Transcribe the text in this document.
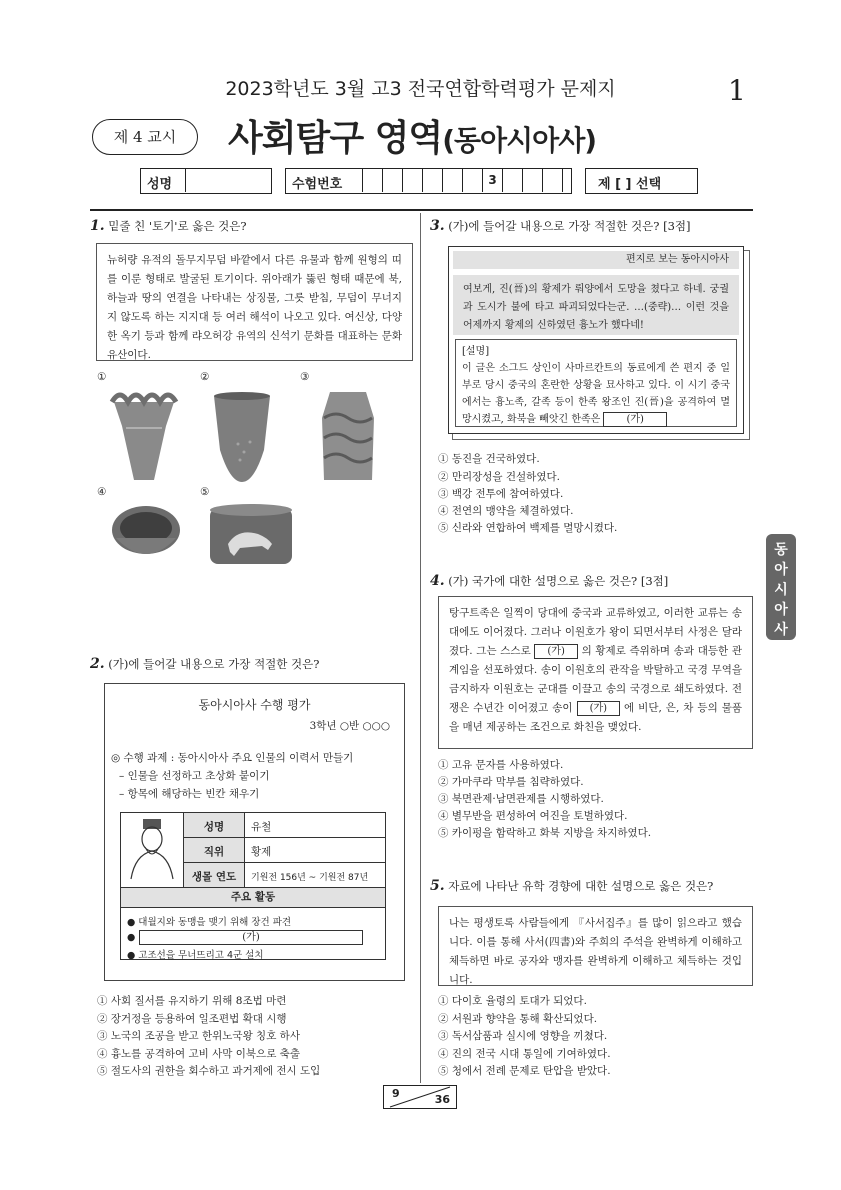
2023학년도 3월 고3 전국연합학력평가 문제지	1
제 4 교시	사회탐구 영역(동아시아사)
성명	수험번호	3	제 [ ] 선택
동
아
시
아
사
1. 밑줄 친 '토기'로 옳은 것은?
뉴허량 유적의 돌무지무덤 바깥에서 다른 유물과 함께 원형의 띠를 이룬 형태로 발굴된 토기이다. 위아래가 뚫린 형태 때문에 북, 하늘과 땅의 연결을 나타내는 상징물, 그릇 받침, 무덤이 무너지지 않도록 하는 지지대 등 여러 해석이 나오고 있다. 여신상, 다양한 옥기 등과 함께 랴오허강 유역의 신석기 문화를 대표하는 문화유산이다.
①	②	③
④	⑤
2. (가)에 들어갈 내용으로 가장 적절한 것은?
동아시아사 수행 평가
3학년 ○반 ○○○
◎ 수행 과제 : 동아시아사 주요 인물의 이력서 만들기
– 인물을 선정하고 초상화 붙이기
– 항목에 해당하는 빈칸 채우기
성명	유철
직위	황제
생몰 연도	기원전 156년 ~ 기원전 87년
주요 활동
● 대월지와 동맹을 맺기 위해 장건 파견
●	(가)
● 고조선을 무너뜨리고 4군 설치
① 사회 질서를 유지하기 위해 8조법 마련
② 장거정을 등용하여 일조편법 확대 시행
③ 노국의 조공을 받고 한위노국왕 칭호 하사
④ 흉노를 공격하여 고비 사막 이북으로 축출
⑤ 절도사의 권한을 회수하고 과거제에 전시 도입
3. (가)에 들어갈 내용으로 가장 적절한 것은? [3점]
편지로 보는 동아시아사
여보게, 진(晉)의 황제가 뤄양에서 도망을 쳤다고 하네. 궁궐과 도시가 불에 타고 파괴되었다는군. …(중략)… 이런 것을 어제까지 황제의 신하였던 흉노가 했다네!
[설명]
이 글은 소그드 상인이 사마르칸트의 동료에게 쓴 편지 중 일부로 당시 중국의 혼란한 상황을 묘사하고 있다. 이 시기 중국에서는 흉노족, 갈족 등이 한족 왕조인 진(晉)을 공격하여 멸망시켰고, 화북을 빼앗긴 한족은	(가)
① 동진을 건국하였다.
② 만리장성을 건설하였다.
③ 백강 전투에 참여하였다.
④ 전연의 맹약을 체결하였다.
⑤ 신라와 연합하여 백제를 멸망시켰다.
4. (가) 국가에 대한 설명으로 옳은 것은? [3점]
탕구트족은 일찍이 당대에 중국과 교류하였고, 이러한 교류는 송대에도 이어졌다. 그러나 이원호가 왕이 되면서부터 사정은 달라졌다. 그는 스스로 (가) 의 황제로 즉위하며 송과 대등한 관계임을 선포하였다. 송이 이원호의 관작을 박탈하고 국경 무역을 금지하자 이원호는 군대를 이끌고 송의 국경으로 쇄도하였다. 전쟁은 수년간 이어졌고 송이 (가) 에 비단, 은, 차 등의 물품을 매년 제공하는 조건으로 화친을 맺었다.
① 고유 문자를 사용하였다.
② 가마쿠라 막부를 침략하였다.
③ 북면관제·남면관제를 시행하였다.
④ 별무반을 편성하여 여진을 토벌하였다.
⑤ 카이펑을 함락하고 화북 지방을 차지하였다.
5. 자료에 나타난 유학 경향에 대한 설명으로 옳은 것은?
나는 평생토록 사람들에게 『사서집주』를 많이 읽으라고 했습니다. 이를 통해 사서(四書)와 주희의 주석을 완벽하게 이해하고 체득하면 바로 공자와 맹자를 완벽하게 이해하고 체득하는 것입니다.
① 다이호 율령의 토대가 되었다.
② 서원과 향약을 통해 확산되었다.
③ 독서삼품과 실시에 영향을 끼쳤다.
④ 진의 전국 시대 통일에 기여하였다.
⑤ 청에서 전례 문제로 탄압을 받았다.
9	36
